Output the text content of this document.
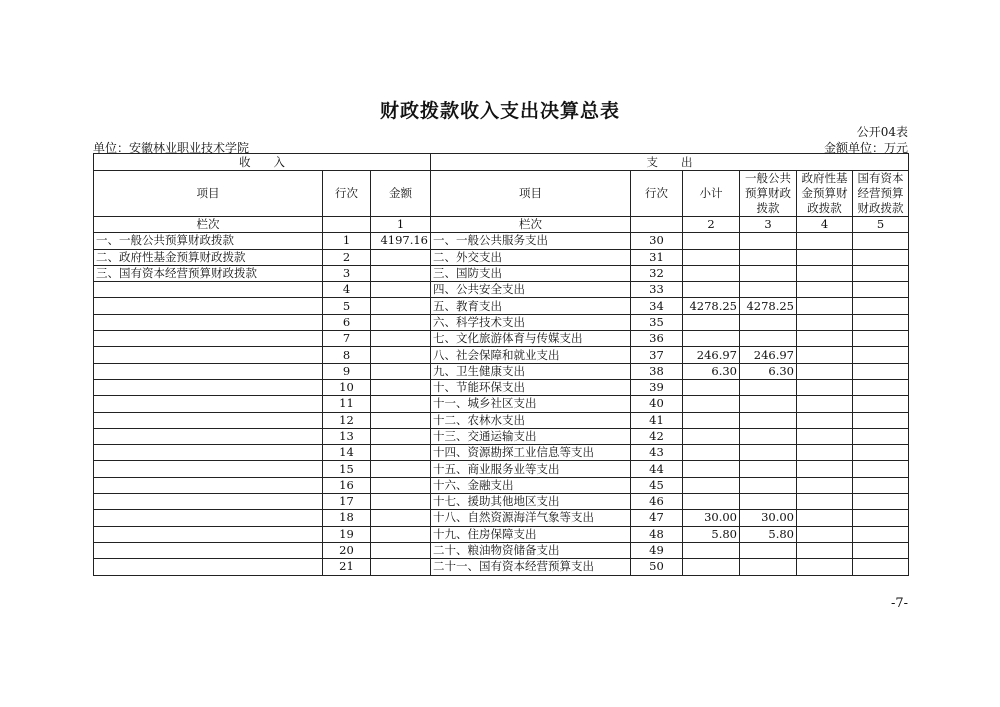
财政拨款收入支出决算总表
公开04表
单位：安徽林业职业技术学院	金额单位：万元
收　　入			支　　出					
项目	行次	金额	项目	行次	小计	一般公共预算财政拨款	政府性基金预算财政拨款	国有资本经营预算财政拨款
栏次		1	栏次		2	3	4	5
一、一般公共预算财政拨款	1	4197.16	一、一般公共服务支出	30				
二、政府性基金预算财政拨款	2		二、外交支出	31				
三、国有资本经营预算财政拨款	3		三、国防支出	32				
	4		四、公共安全支出	33				
	5		五、教育支出	34	4278.25	4278.25		
	6		六、科学技术支出	35				
	7		七、文化旅游体育与传媒支出	36				
	8		八、社会保障和就业支出	37	246.97	246.97		
	9		九、卫生健康支出	38	6.30	6.30		
	10		十、节能环保支出	39				
	11		十一、城乡社区支出	40				
	12		十二、农林水支出	41				
	13		十三、交通运输支出	42				
	14		十四、资源勘探工业信息等支出	43				
	15		十五、商业服务业等支出	44				
	16		十六、金融支出	45				
	17		十七、援助其他地区支出	46				
	18		十八、自然资源海洋气象等支出	47	30.00	30.00		
	19		十九、住房保障支出	48	5.80	5.80		
	20		二十、粮油物资储备支出	49				
	21		二十一、国有资本经营预算支出	50				
-7-
